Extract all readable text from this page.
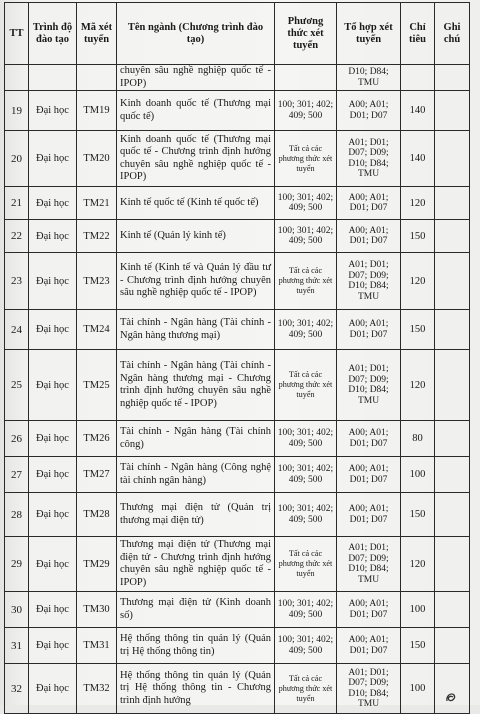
TT	Trình độ đào tạo	Mã xét tuyển	Tên ngành (Chương trình đào tạo)	Phương thức xét tuyển	Tổ hợp xét tuyển	Chỉ tiêu	Ghi chú
			chuyên sâu nghề nghiệp quốc tế - IPOP)		D10; D84; TMU		
19	Đại học	TM19	Kinh doanh quốc tế (Thương mại quốc tế)	100; 301; 402; 409; 500	A00; A01; D01; D07	140	
20	Đại học	TM20	Kinh doanh quốc tế (Thương mại quốc tế - Chương trình định hướng chuyên sâu nghề nghiệp quốc tế - IPOP)	Tất cả các phương thức xét tuyển	A01; D01; D07; D09; D10; D84; TMU	140	
21	Đại học	TM21	Kinh tế quốc tế (Kinh tế quốc tế)	100; 301; 402; 409; 500	A00; A01; D01; D07	120	
22	Đại học	TM22	Kinh tế (Quản lý kinh tế)	100; 301; 402; 409; 500	A00; A01; D01; D07	150	
23	Đại học	TM23	Kinh tế (Kinh tế và Quản lý đầu tư - Chương trình định hướng chuyên sâu nghề nghiệp quốc tế - IPOP)	Tất cả các phương thức xét tuyển	A01; D01; D07; D09; D10; D84; TMU	120	
24	Đại học	TM24	Tài chính - Ngân hàng (Tài chính - Ngân hàng thương mại)	100; 301; 402; 409; 500	A00; A01; D01; D07	150	
25	Đại học	TM25	Tài chính - Ngân hàng (Tài chính - Ngân hàng thương mại - Chương trình định hướng chuyên sâu nghề nghiệp quốc tế - IPOP)	Tất cả các phương thức xét tuyển	A01; D01; D07; D09; D10; D84; TMU	120	
26	Đại học	TM26	Tài chính - Ngân hàng (Tài chính công)	100; 301; 402; 409; 500	A00; A01; D01; D07	80	
27	Đại học	TM27	Tài chính - Ngân hàng (Công nghệ tài chính ngân hàng)	100; 301; 402; 409; 500	A00; A01; D01; D07	100	
28	Đại học	TM28	Thương mại điện tử (Quản trị thương mại điện tử)	100; 301; 402; 409; 500	A00; A01; D01; D07	150	
29	Đại học	TM29	Thương mại điện tử (Thương mại điện tử - Chương trình định hướng chuyên sâu nghề nghiệp quốc tế - IPOP)	Tất cả các phương thức xét tuyển	A01; D01; D07; D09; D10; D84; TMU	120	
30	Đại học	TM30	Thương mại điện tử (Kinh doanh số)	100; 301; 402; 409; 500	A00; A01; D01; D07	100	
31	Đại học	TM31	Hệ thống thông tin quản lý (Quản trị Hệ thống thông tin)	100; 301; 402; 409; 500	A00; A01; D01; D07	150	
32	Đại học	TM32	Hệ thống thông tin quản lý (Quản trị Hệ thống thông tin - Chương trình định hướng	Tất cả các phương thức xét tuyển	A01; D01; D07; D09; D10; D84; TMU	100	
